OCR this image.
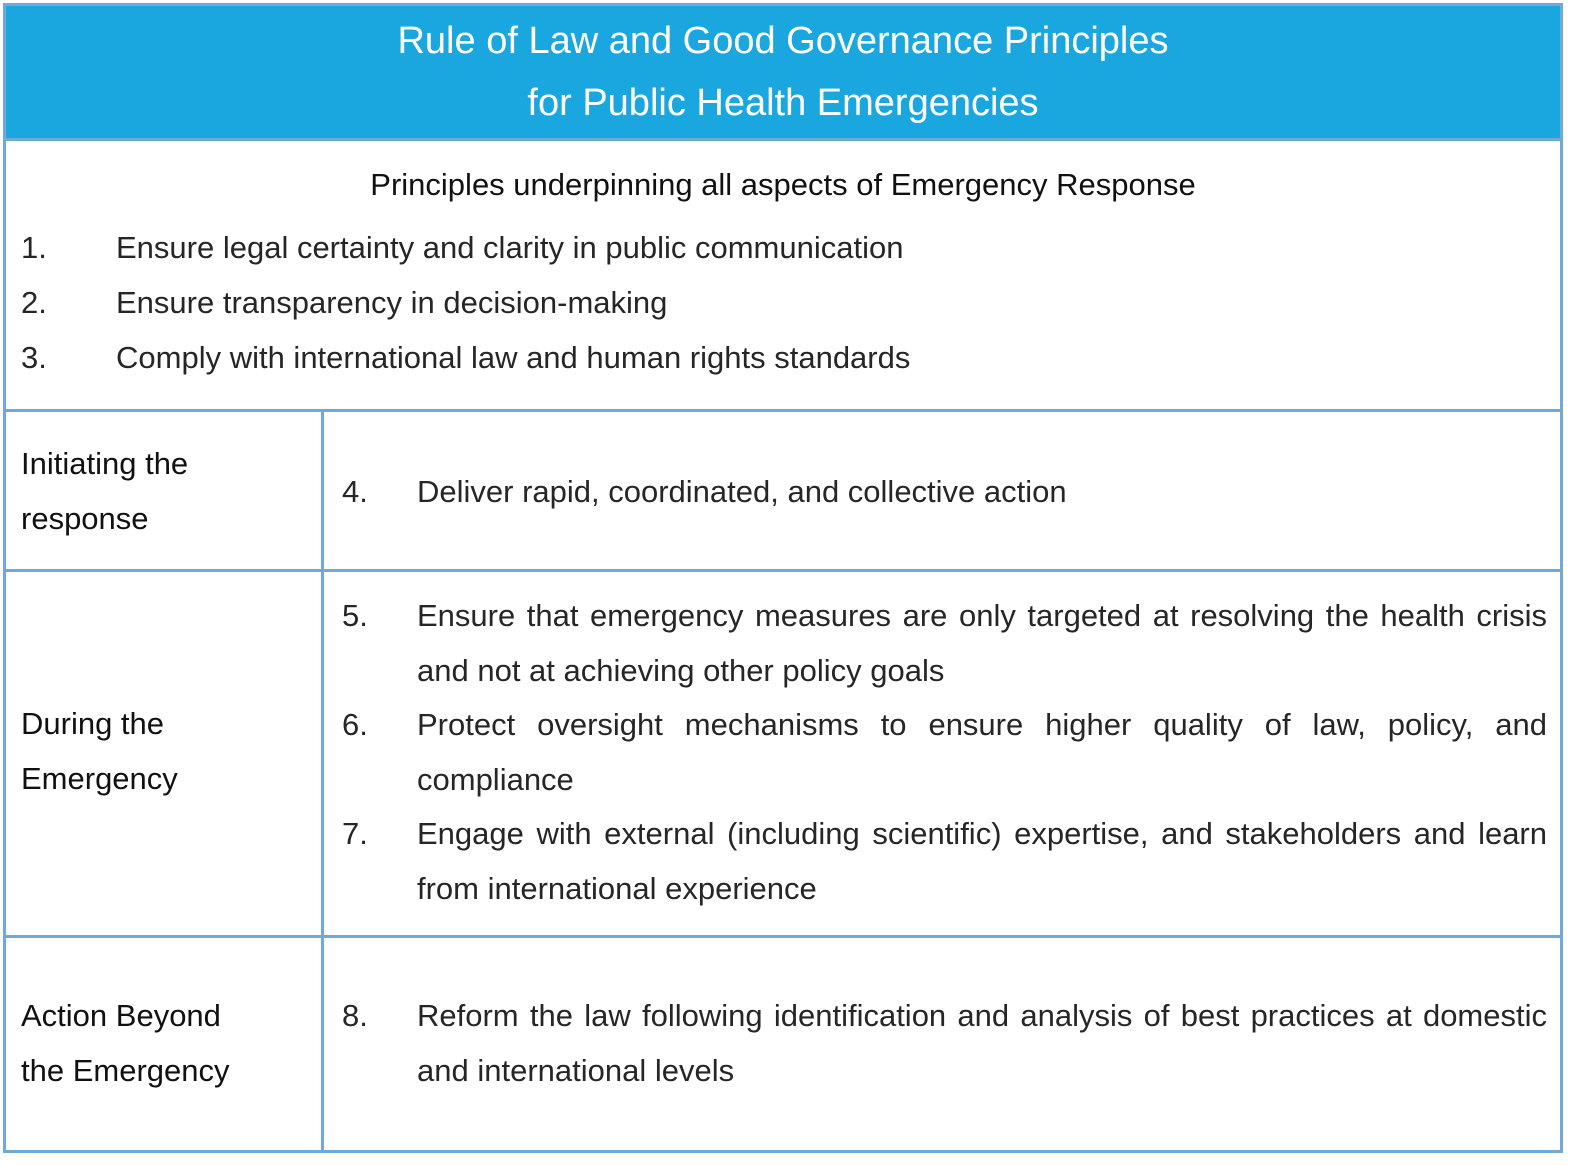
Rule of Law and Good Governance Principles
for Public Health Emergencies
Principles underpinning all aspects of Emergency Response
1. Ensure legal certainty and clarity in public communication
2. Ensure transparency in decision-making
3. Comply with international law and human rights standards
Initiating the
response
4. Deliver rapid, coordinated, and collective action
During the
Emergency
5. Ensure that emergency measures are only targeted at resolving the health crisis and not at achieving other policy goals
6. Protect oversight mechanisms to ensure higher quality of law, policy, and compliance
7. Engage with external (including scientific) expertise, and stakeholders and learn from international experience
Action Beyond
the Emergency
8. Reform the law following identification and analysis of best practices at domestic and international levels
